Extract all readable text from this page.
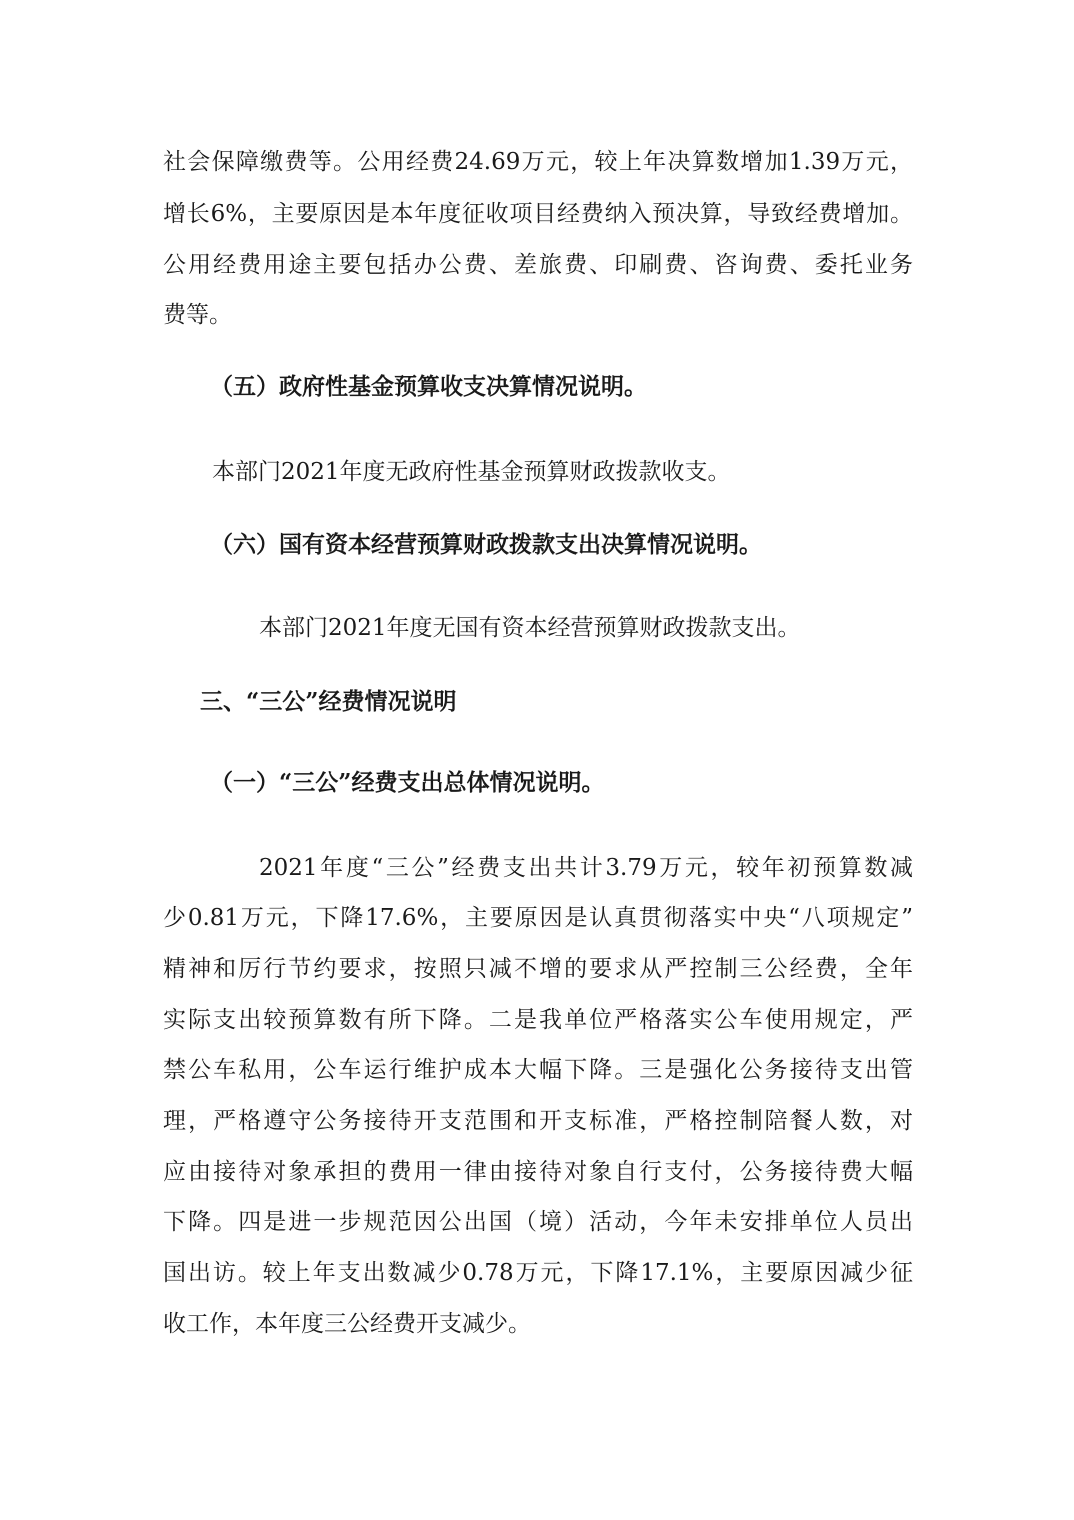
社会保障缴费等。公用经费24.69万元，较上年决算数增加1.39万元，

增长6%，主要原因是本年度征收项目经费纳入预决算，导致经费增加。

公用经费用途主要包括办公费、差旅费、印刷费、咨询费、委托业务

费等。

（五）政府性基金预算收支决算情况说明。

本部门2021年度无政府性基金预算财政拨款收支。

（六）国有资本经营预算财政拨款支出决算情况说明。

本部门2021年度无国有资本经营预算财政拨款支出。

三、“三公”经费情况说明

（一）“三公”经费支出总体情况说明。

2021年度“三公”经费支出共计3.79万元，较年初预算数减

少0.81万元，下降17.6%，主要原因是认真贯彻落实中央“八项规定”

精神和厉行节约要求，按照只减不增的要求从严控制三公经费，全年

实际支出较预算数有所下降。二是我单位严格落实公车使用规定，严

禁公车私用，公车运行维护成本大幅下降。三是强化公务接待支出管

理，严格遵守公务接待开支范围和开支标准，严格控制陪餐人数，对

应由接待对象承担的费用一律由接待对象自行支付，公务接待费大幅

下降。四是进一步规范因公出国（境）活动，今年未安排单位人员出

国出访。较上年支出数减少0.78万元，下降17.1%，主要原因减少征

收工作，本年度三公经费开支减少。
